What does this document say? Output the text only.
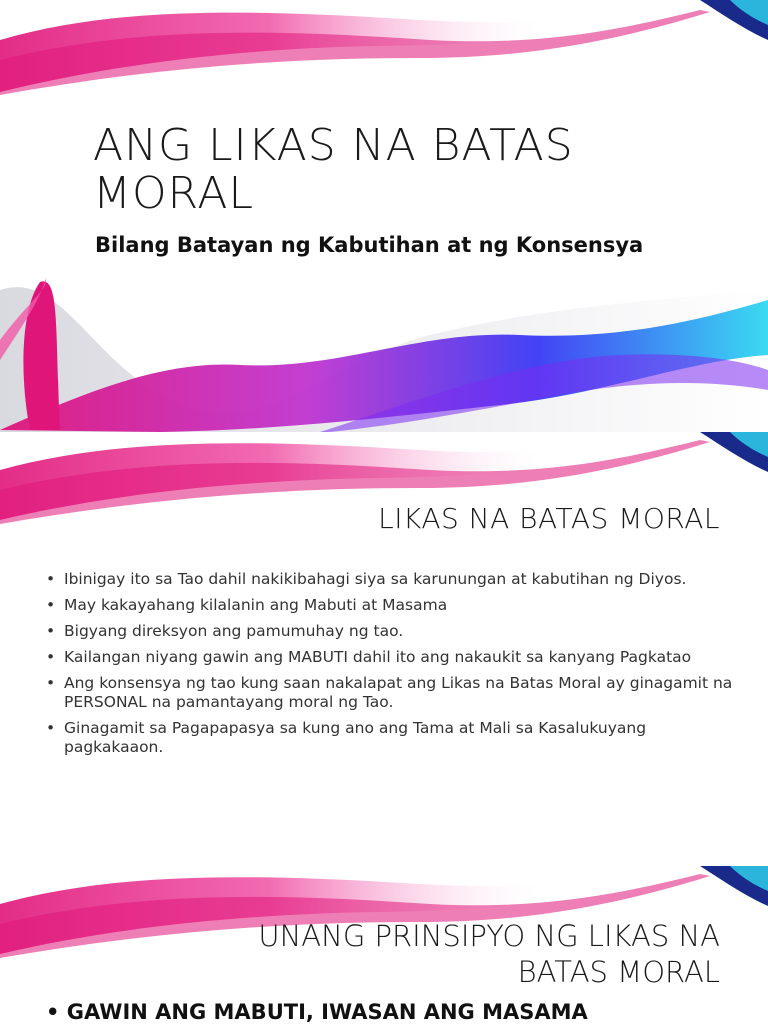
ANG LIKAS NA BATAS MORAL
Bilang Batayan ng Kabutihan at ng Konsensya
LIKAS NA BATAS MORAL
• Ibinigay ito sa Tao dahil nakikibahagi siya sa karunungan at kabutihan ng Diyos.
• May kakayahang kilalanin ang Mabuti at Masama
• Bigyang direksyon ang pamumuhay ng tao.
• Kailangan niyang gawin ang MABUTI dahil ito ang nakaukit sa kanyang Pagkatao
• Ang konsensya ng tao kung saan nakalapat ang Likas na Batas Moral ay ginagamit na PERSONAL na pamantayang moral ng Tao.
• Ginagamit sa Pagapapasya sa kung ano ang Tama at Mali sa Kasalukuyang pagkakaaon.
UNANG PRINSIPYO NG LIKAS NA
BATAS MORAL
• GAWIN ANG MABUTI, IWASAN ANG MASAMA
